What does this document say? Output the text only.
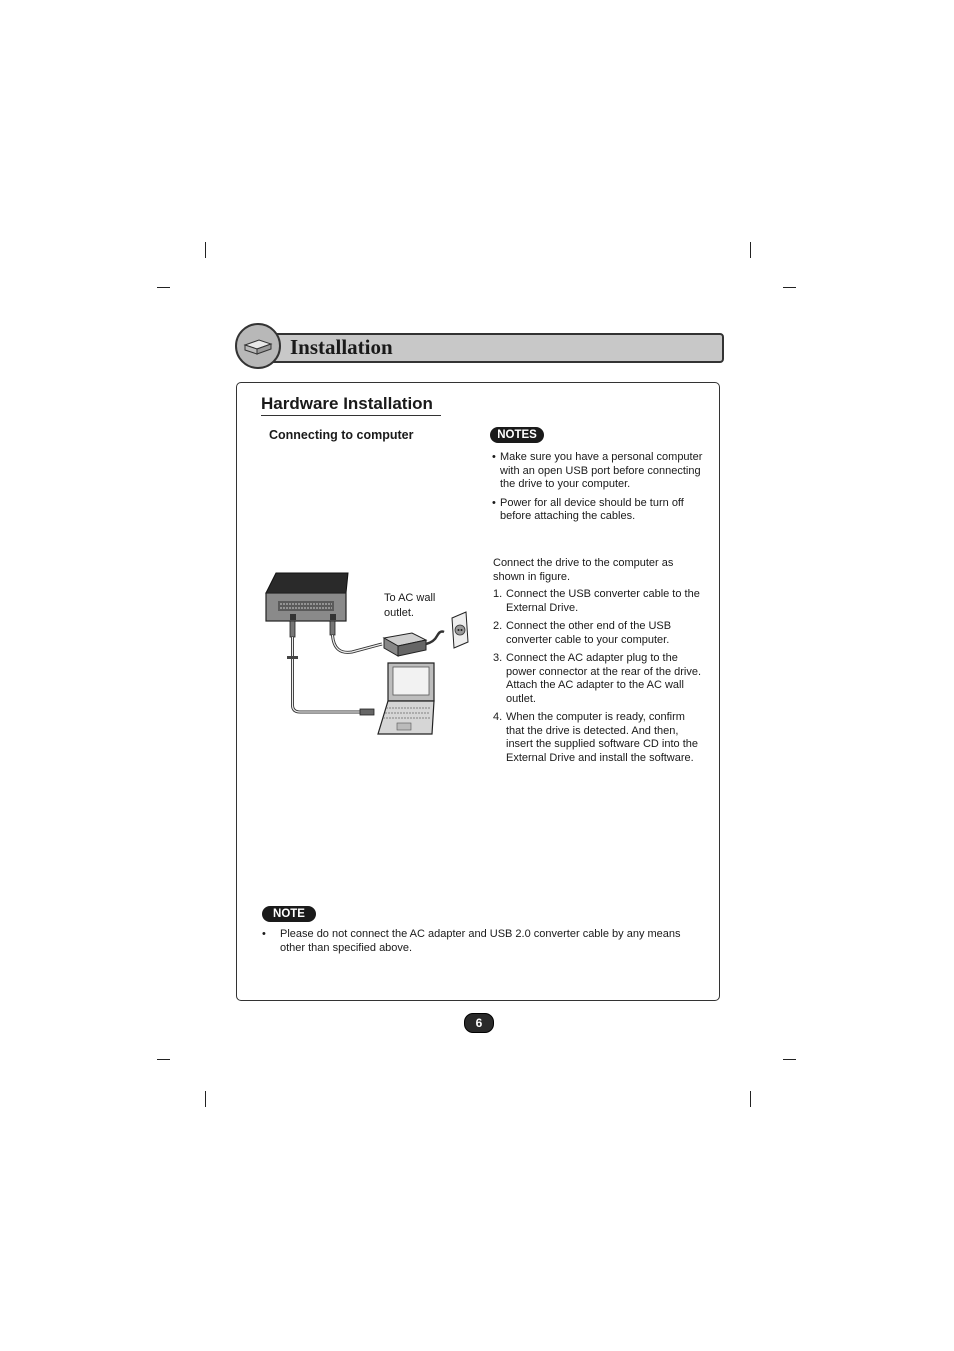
Installation
Hardware Installation
Connecting to computer	NOTES
• Make sure you have a personal computer with an open USB port before connecting the drive to your computer.
• Power for all device should be turn off before attaching the cables.
To AC wall outlet.
Connect the drive to the computer as shown in figure.
1. Connect the USB converter cable to the External Drive.
2. Connect the other end of the USB converter cable to your computer.
3. Connect the AC adapter plug to the power connector at the rear of the drive.
Attach the AC adapter to the AC wall outlet.
4. When the computer is ready, confirm that the drive is detected. And then, insert the supplied software CD into the External Drive and install the software.
NOTE
• Please do not connect the AC adapter and USB 2.0 converter cable by any means other than specified above.
6
